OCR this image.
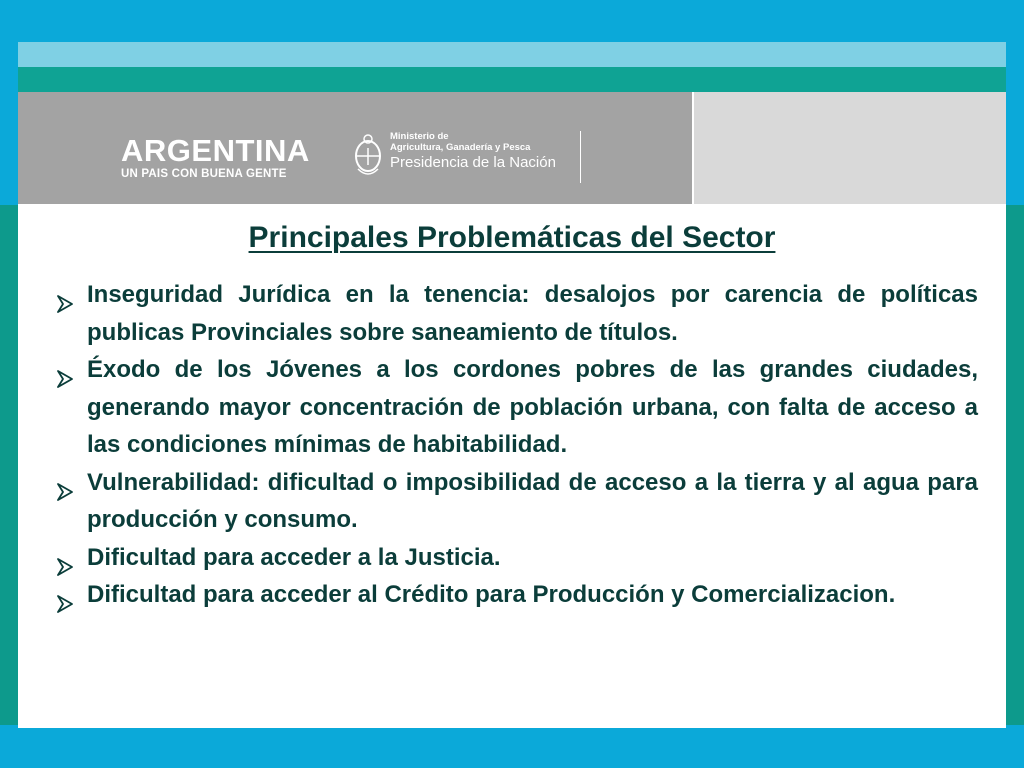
ARGENTINA
UN PAIS CON BUENA GENTE
Ministerio de
Agricultura, Ganadería y Pesca
Presidencia de la Nación
Principales Problemáticas del Sector
Inseguridad Jurídica en la tenencia: desalojos por carencia de políticas publicas Provinciales sobre saneamiento de títulos.
Éxodo de los Jóvenes a los cordones pobres de las grandes ciudades, generando mayor concentración de población urbana, con falta de acceso a las condiciones mínimas de habitabilidad.
Vulnerabilidad: dificultad o imposibilidad de acceso a la tierra y al agua para producción y consumo.
Dificultad para acceder a la Justicia.
Dificultad para acceder al Crédito para Producción y Comercializacion.
